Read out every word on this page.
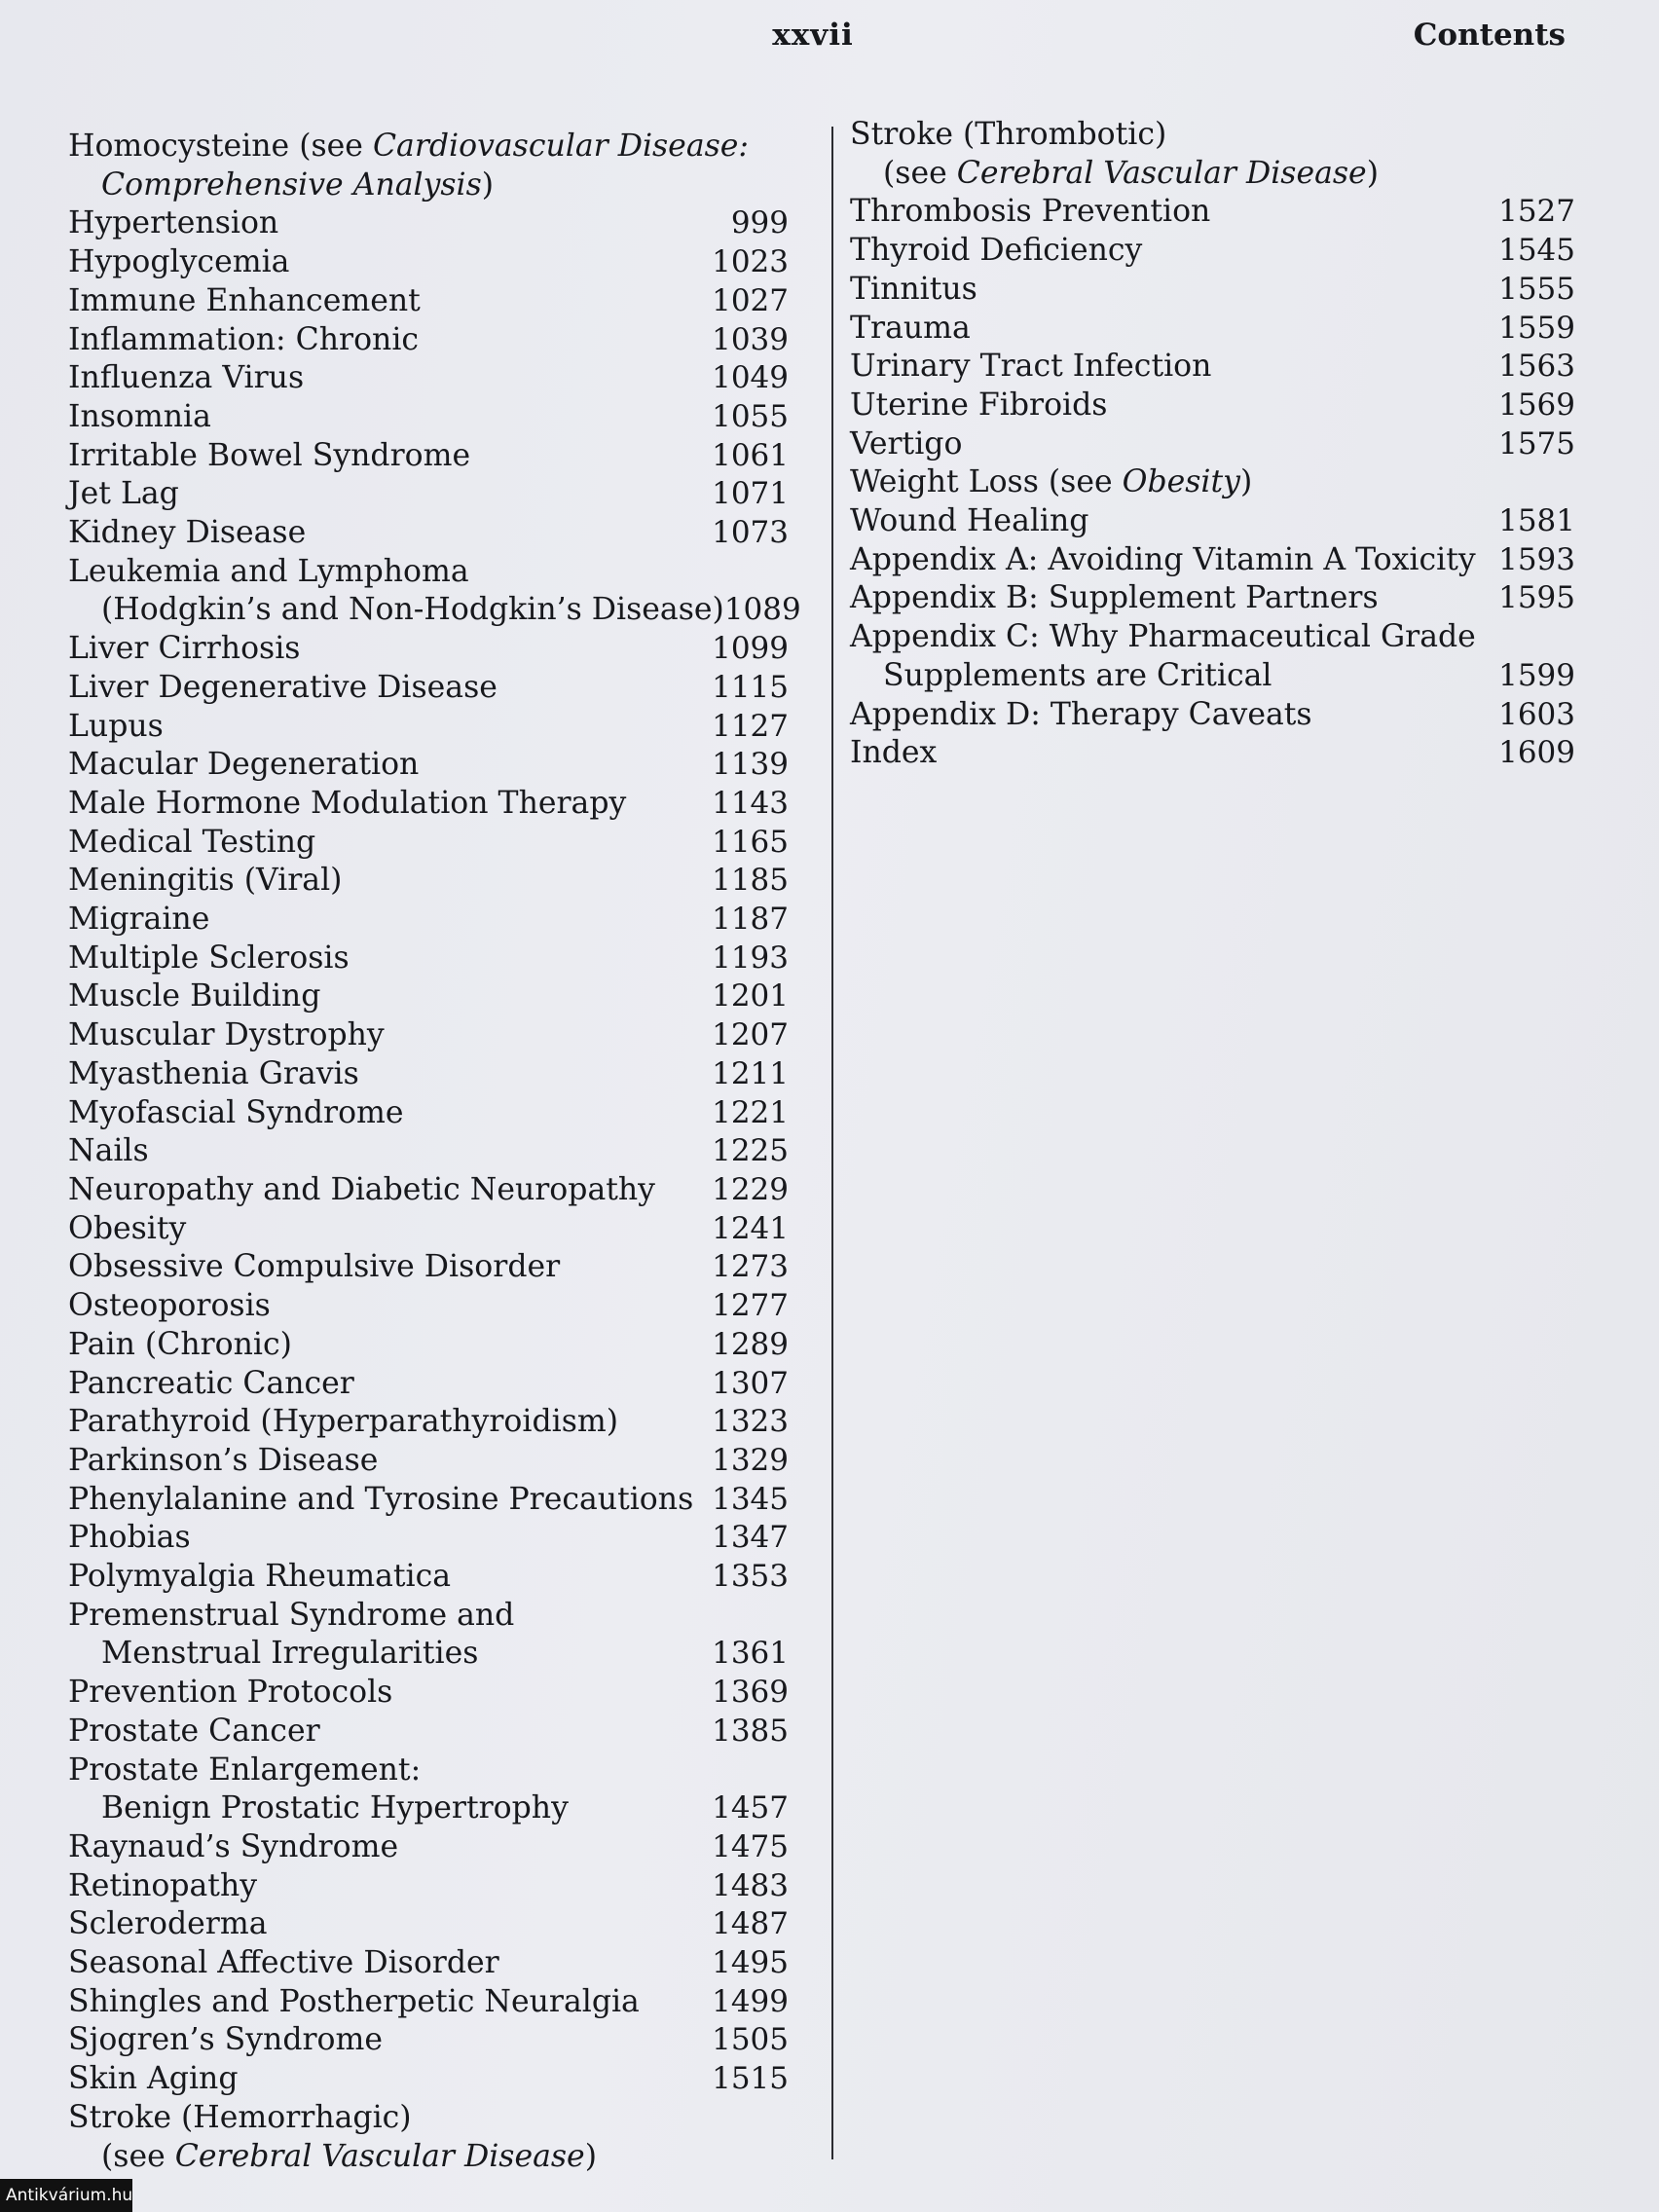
xxvii	Contents
Homocysteine (see Cardiovascular Disease:
Comprehensive Analysis)
Hypertension	999
Hypoglycemia	1023
Immune Enhancement	1027
Inflammation: Chronic	1039
Influenza Virus	1049
Insomnia	1055
Irritable Bowel Syndrome	1061
Jet Lag	1071
Kidney Disease	1073
Leukemia and Lymphoma
(Hodgkin’s and Non-Hodgkin’s Disease) 1089
Liver Cirrhosis	1099
Liver Degenerative Disease	1115
Lupus	1127
Macular Degeneration	1139
Male Hormone Modulation Therapy	1143
Medical Testing	1165
Meningitis (Viral)	1185
Migraine	1187
Multiple Sclerosis	1193
Muscle Building	1201
Muscular Dystrophy	1207
Myasthenia Gravis	1211
Myofascial Syndrome	1221
Nails	1225
Neuropathy and Diabetic Neuropathy	1229
Obesity	1241
Obsessive Compulsive Disorder	1273
Osteoporosis	1277
Pain (Chronic)	1289
Pancreatic Cancer	1307
Parathyroid (Hyperparathyroidism)	1323
Parkinson’s Disease	1329
Phenylalanine and Tyrosine Precautions 1345
Phobias	1347
Polymyalgia Rheumatica	1353
Premenstrual Syndrome and
Menstrual Irregularities	1361
Prevention Protocols	1369
Prostate Cancer	1385
Prostate Enlargement:
Benign Prostatic Hypertrophy	1457
Raynaud’s Syndrome	1475
Retinopathy	1483
Scleroderma	1487
Seasonal Affective Disorder	1495
Shingles and Postherpetic Neuralgia	1499
Sjogren’s Syndrome	1505
Skin Aging	1515
Stroke (Hemorrhagic)
(see Cerebral Vascular Disease)
Stroke (Thrombotic)
(see Cerebral Vascular Disease)
Thrombosis Prevention	1527
Thyroid Deficiency	1545
Tinnitus	1555
Trauma	1559
Urinary Tract Infection	1563
Uterine Fibroids	1569
Vertigo	1575
Weight Loss (see Obesity)
Wound Healing	1581
Appendix A: Avoiding Vitamin A Toxicity 1593
Appendix B: Supplement Partners	1595
Appendix C: Why Pharmaceutical Grade
Supplements are Critical	1599
Appendix D: Therapy Caveats	1603
Index	1609
Antikvárium.hu
